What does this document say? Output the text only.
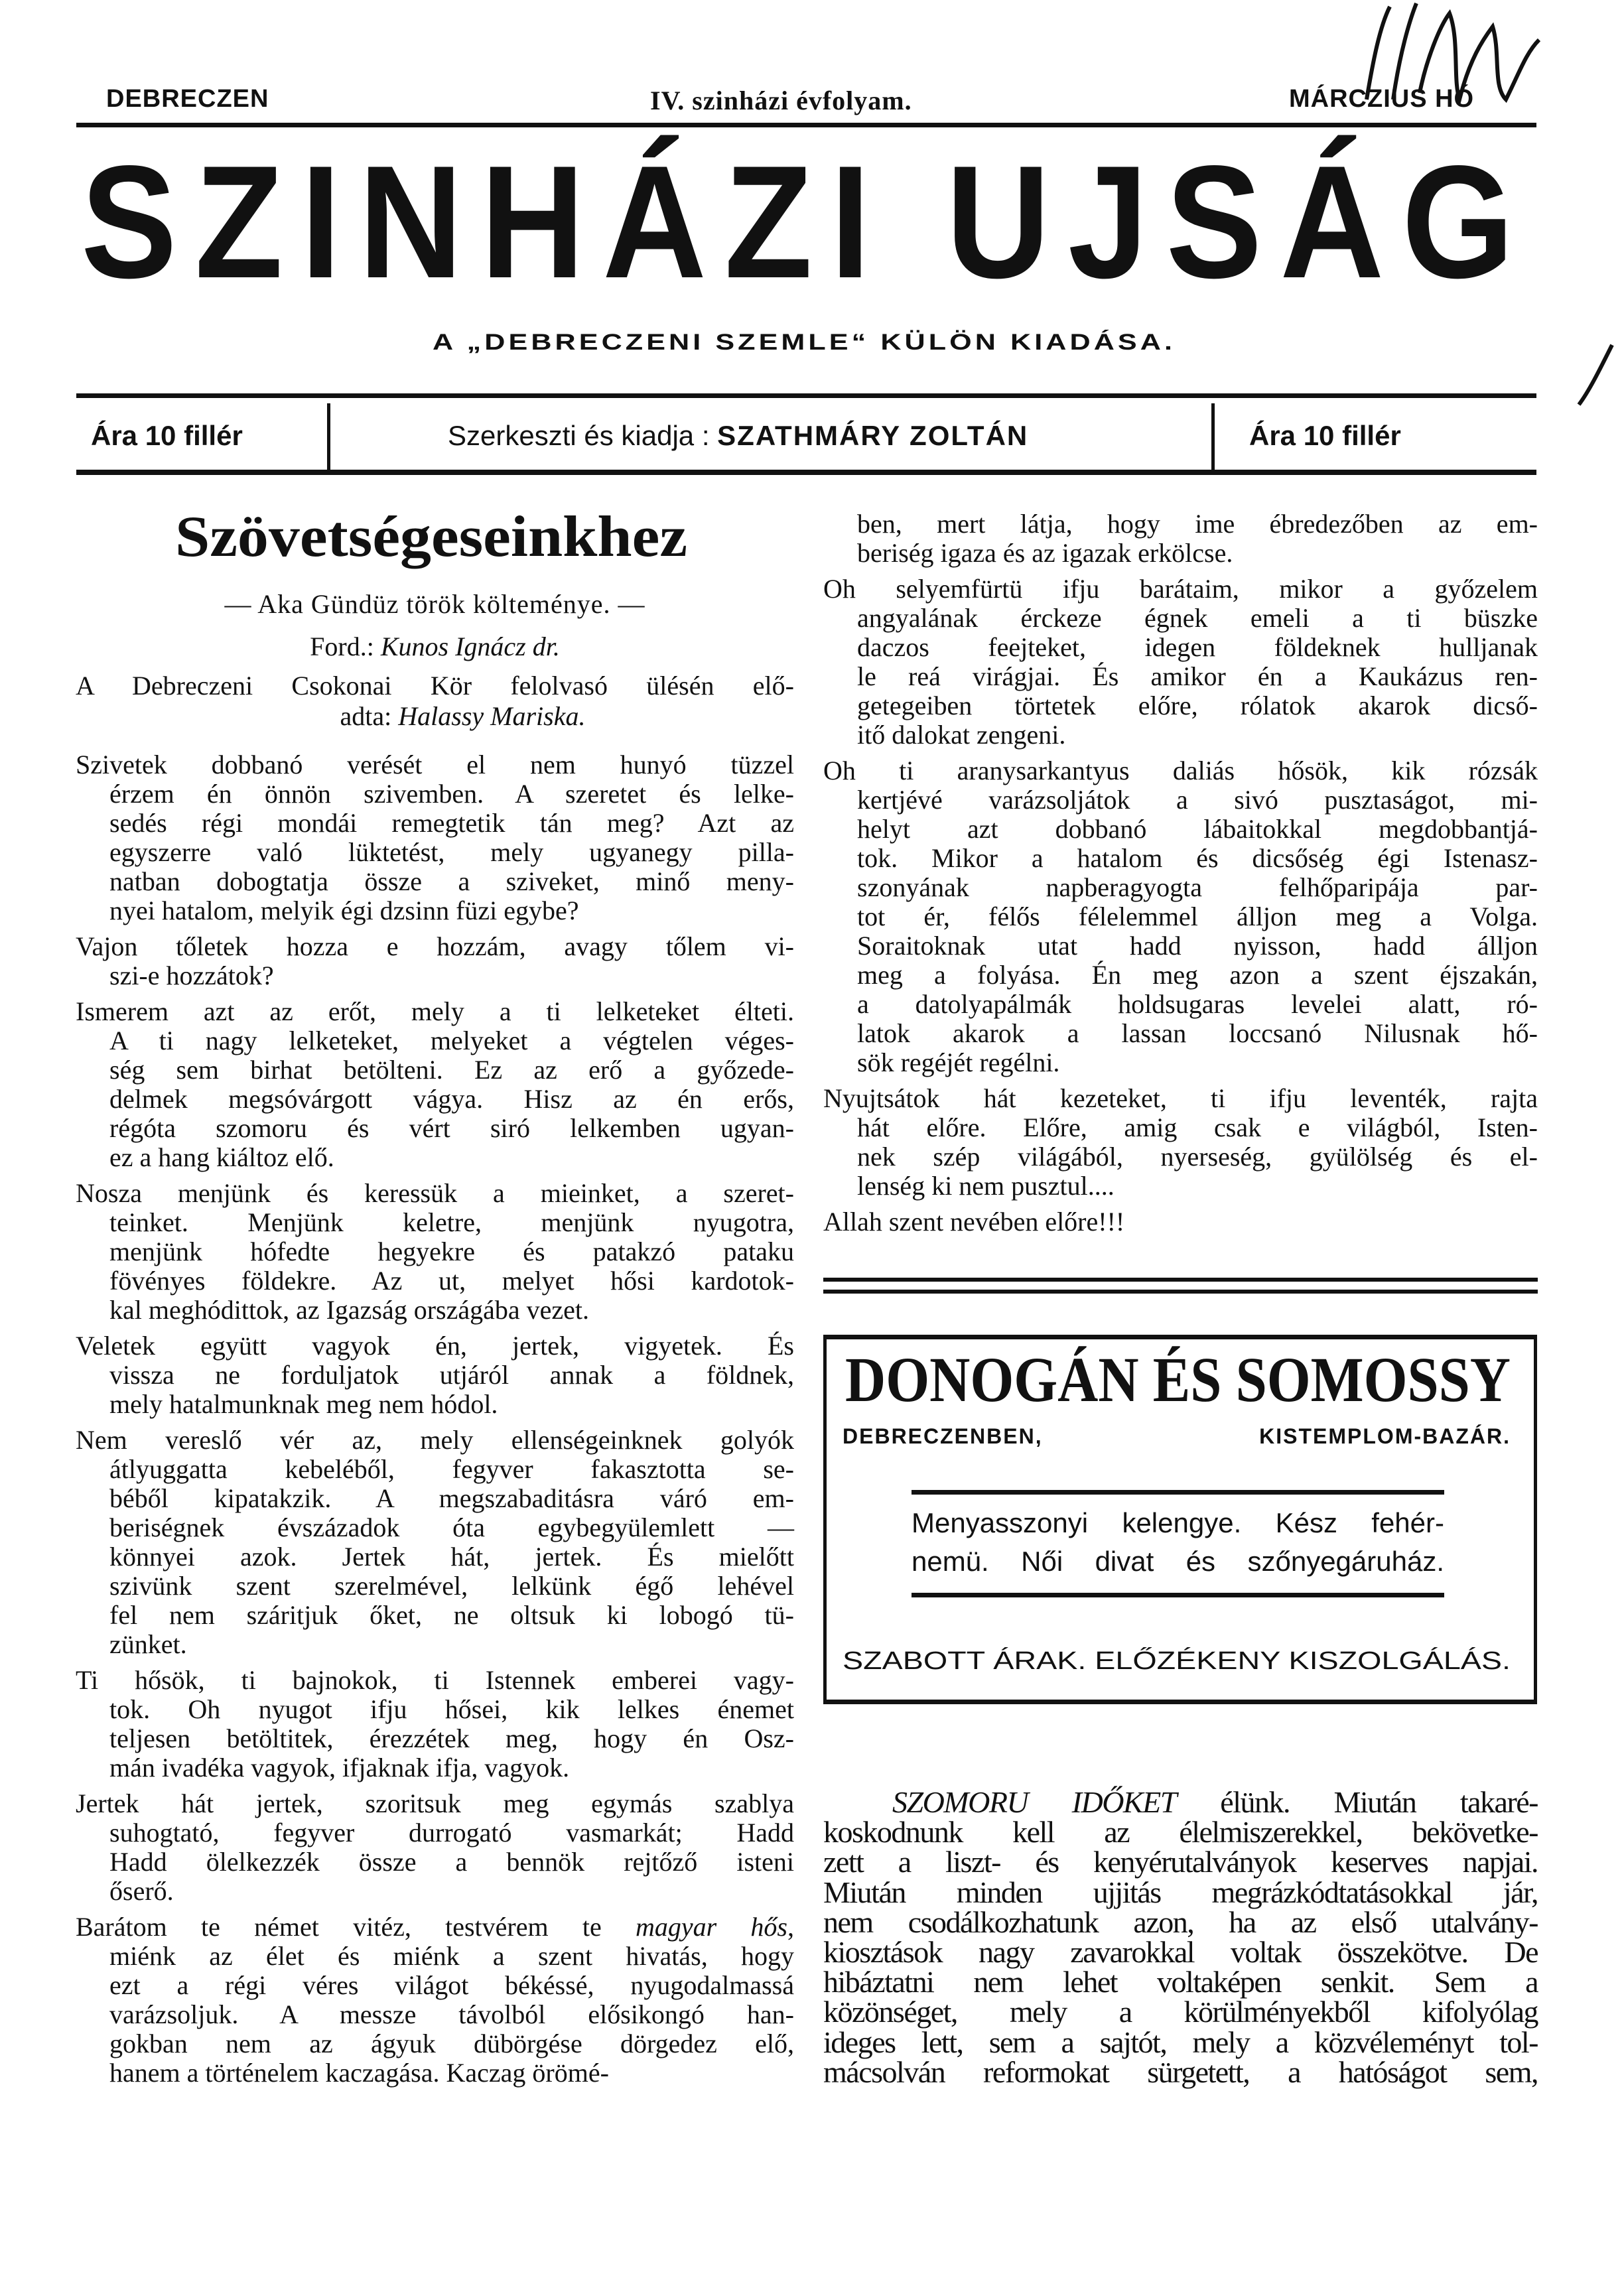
DEBRECZEN	IV. szinházi évfolyam.	MÁRCZIUS HÓ
SZINHÁZI UJSÁG
A „DEBRECZENI SZEMLE“ KÜLÖN KIADÁSA.
Ára 10 fillér	Szerkeszti és kiadja : SZATHMÁRY ZOLTÁN	Ára 10 fillér
Szövetségeseinkhez
— Aka Gündüz török költeménye. —
Ford.: Kunos Ignácz dr.
A Debreczeni Csokonai Kör felolvasó ülésén elő-
adta: Halassy Mariska.
Szivetek dobbanó verését el nem hunyó tüzzel
érzem én önnön szivemben. A szeretet és lelke-
sedés régi mondái remegtetik tán meg? Azt az
egyszerre való lüktetést, mely ugyanegy pilla-
natban dobogtatja össze a sziveket, minő meny-
nyei hatalom, melyik égi dzsinn füzi egybe?
Vajon tőletek hozza e hozzám, avagy tőlem vi-
szi-e hozzátok?
Ismerem azt az erőt, mely a ti lelketeket élteti.
A ti nagy lelketeket, melyeket a végtelen véges-
ség sem birhat betölteni. Ez az erő a győzede-
delmek megsóvárgott vágya. Hisz az én erős,
régóta szomoru és vért siró lelkemben ugyan-
ez a hang kiáltoz elő.
Nosza menjünk és keressük a mieinket, a szeret-
teinket. Menjünk keletre, menjünk nyugotra,
menjünk hófedte hegyekre és patakzó pataku
fövényes földekre. Az ut, melyet hősi kardotok-
kal meghódittok, az Igazság országába vezet.
Veletek együtt vagyok én, jertek, vigyetek. És
vissza ne forduljatok utjáról annak a földnek,
mely hatalmunknak meg nem hódol.
Nem vereslő vér az, mely ellenségeinknek golyók
átlyuggatta kebeléből, fegyver fakasztotta se-
béből kipatakzik. A megszabaditásra váró em-
beriségnek évszázadok óta egybegyülemlett —
könnyei azok. Jertek hát, jertek. És mielőtt
szivünk szent szerelmével, lelkünk égő lehével
fel nem száritjuk őket, ne oltsuk ki lobogó tü-
zünket.
Ti hősök, ti bajnokok, ti Istennek emberei vagy-
tok. Oh nyugot ifju hősei, kik lelkes énemet
teljesen betöltitek, érezzétek meg, hogy én Osz-
mán ivadéka vagyok, ifjaknak ifja, vagyok.
Jertek hát jertek, szoritsuk meg egymás szablya
suhogtató, fegyver durrogató vasmarkát; Hadd
Hadd ölelkezzék össze a bennök rejtőző isteni
őserő.
Barátom te német vitéz, testvérem te magyar hős,
miénk az élet és miénk a szent hivatás, hogy
ezt a régi véres világot békéssé, nyugodalmassá
varázsoljuk. A messze távolból elősikongó han-
gokban nem az ágyuk dübörgése dörgedez elő,
hanem a történelem kaczagása. Kaczag örömé-
ben, mert látja, hogy ime ébredezőben az em-
beriség igaza és az igazak erkölcse.
Oh selyemfürtü ifju barátaim, mikor a győzelem
angyalának érckeze égnek emeli a ti büszke
daczos feejteket, idegen földeknek hulljanak
le reá virágjai. És amikor én a Kaukázus ren-
getegeiben törtetek előre, rólatok akarok dicső-
itő dalokat zengeni.
Oh ti aranysarkantyus daliás hősök, kik rózsák
kertjévé varázsoljátok a sivó pusztaságot, mi-
helyt azt dobbanó lábaitokkal megdobbantjá-
tok. Mikor a hatalom és dicsőség égi Istenasz-
szonyának napberagyogta felhőparipája par-
tot ér, félős félelemmel álljon meg a Volga.
Soraitoknak utat hadd nyisson, hadd álljon
meg a folyása. Én meg azon a szent éjszakán,
a datolyapálmák holdsugaras levelei alatt, ró-
latok akarok a lassan loccsanó Nilusnak hő-
sök regéjét regélni.
Nyujtsátok hát kezeteket, ti ifju leventék, rajta
hát előre. Előre, amig csak e világból, Isten-
nek szép világából, nyerseség, gyülölség és el-
lenség ki nem pusztul....
Allah szent nevében előre!!!
DONOGÁN ÉS SOMOSSY
DEBRECZENBEN,	KISTEMPLOM-BAZÁR.
Menyasszonyi kelengye. Kész fehér-
nemü. Női divat és szőnyegáruház.
SZABOTT ÁRAK. ELŐZÉKENY KISZOLGÁLÁS.
SZOMORU IDŐKET élünk. Miután takaré-
koskodnunk kell az élelmiszerekkel, bekövetke-
zett a liszt- és kenyérutalványok keserves napjai.
Miután minden ujjitás megrázkódtatásokkal jár,
nem csodálkozhatunk azon, ha az első utalvány-
kiosztások nagy zavarokkal voltak összekötve. De
hibáztatni nem lehet voltaképen senkit. Sem a
közönséget, mely a körülményekből kifolyólag
ideges lett, sem a sajtót, mely a közvéleményt tol-
mácsolván reformokat sürgetett, a hatóságot sem,
